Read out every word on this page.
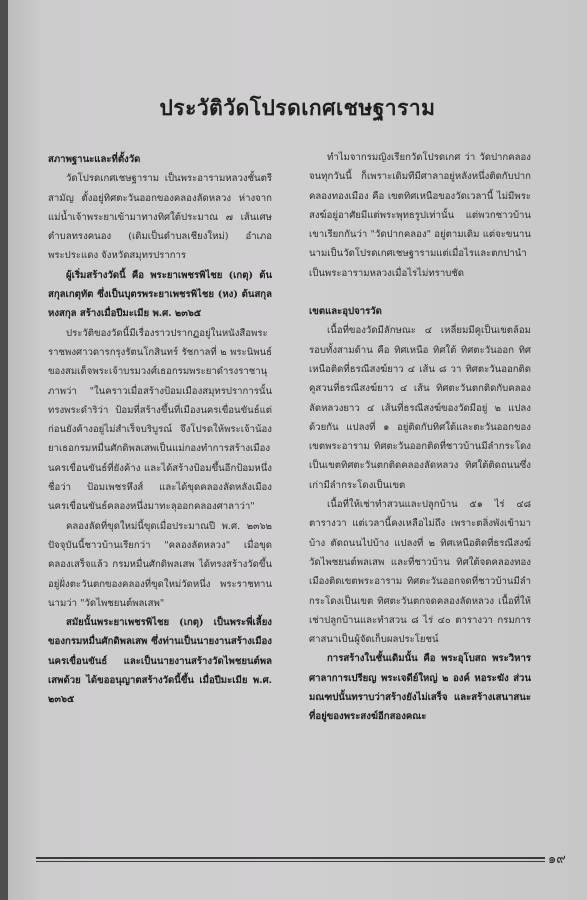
ประวัติวัดโปรดเกศเชษฐาราม

สภาพฐานะและที่ตั้งวัด

วัดโปรดเกศเชษฐาราม เป็นพระอารามหลวงชั้นตรีสามัญ ตั้งอยู่ทิศตะวันออกของคลองลัดหลวง ห่างจากแม่น้ำเจ้าพระยาเข้ามาทางทิศใต้ประมาณ ๗ เส้นเศษ ตำบลทรงคนอง (เดิมเป็นตำบลเชียงใหม่) อำเภอพระประแดง จังหวัดสมุทรปราการ

ผู้เริ่มสร้างวัดนี้ คือ พระยาเพชรพิไชย (เกตุ) ต้นสกุลเกตุทัต ซึ่งเป็นบุตรพระยาเพชรพิไชย (หง) ต้นสกุล หงสกุล สร้างเมื่อปีมะเมีย พ.ศ. ๒๓๖๕

ประวัติของวัดนี้มีเรื่องราวปรากฏอยู่ในหนังสือพระราชพงศาวดารกรุงรัตนโกสินทร์ รัชกาลที่ ๒ พระนิพนธ์ของสมเด็จพระเจ้าบรมวงศ์เธอกรมพระยาดำรงราชานุภาพว่า "ในคราวเมื่อสร้างป้อมเมืองสมุทรปราการนั้น ทรงพระดำริว่า ป้อมที่สร้างขึ้นที่เมืองนครเขื่อนขันธ์แต่ก่อนยังค้างอยู่ไม่สำเร็จบริบูรณ์ จึงโปรดให้พระเจ้าน้องยาเธอกรมหมื่นศักดิพลเสพเป็นแม่กองทำการสร้างเมืองนครเขื่อนขันธ์ที่ยังค้าง และได้สร้างป้อมขึ้นอีกป้อมหนึ่งชื่อว่า ป้อมเพชรหึงส์ และได้ขุดคลองลัดหลังเมืองนครเขื่อนขันธ์คลองหนึ่งมาทะลุออกคลองศาลาว่า"

คลองลัดที่ขุดใหม่นี้ขุดเมื่อประมาณปี พ.ศ. ๒๓๖๒ ปัจจุบันนี้ชาวบ้านเรียกว่า "คลองลัดหลวง" เมื่อขุดคลองเสร็จแล้ว กรมหมื่นศักดิพลเสพ ได้ทรงสร้างวัดขึ้นอยู่ฝั่งตะวันตกของคลองที่ขุดใหม่วัดหนึ่ง พระราชทานนามว่า "วัดไพชยนต์พลเสพ"

สมัยนั้นพระยาเพชรพิไชย (เกตุ) เป็นพระพี่เลี้ยงของกรมหมื่นศักดิพลเสพ ซึ่งท่านเป็นนายงานสร้างเมืองนครเขื่อนขันธ์ และเป็นนายงานสร้างวัดไพชยนต์พลเสพด้วย ได้ขออนุญาตสร้างวัดนี้ขึ้น เมื่อปีมะเมีย พ.ศ. ๒๓๖๕

ทำไมจากรมญิงเรียกวัดโปรดเกศ ว่า วัดปากคลองจนทุกวันนี้ ก็เพราะเดิมทีมีศาลาอยู่หลังหนึ่งติดกับปากคลองทองเมือง คือ เขตทิศเหนือของวัดเวลานี้ ไม่มีพระสงฆ์อยู่อาศัยมีแต่พระพุทธรูปเท่านั้น แต่พวกชาวบ้านเขาเรียกกันว่า "วัดปากคลอง" อยู่ตามเดิม แต่จะขนานนามเป็นวัดโปรดเกศเชษฐารามแต่เมื่อไรและตกปานำเป็นพระอารามหลวงเมื่อไรไม่ทราบชัด

เขตและอุปจารวัด

เนื้อที่ของวัดมีลักษณะ ๔ เหลี่ยมมีคูเป็นเขตล้อมรอบทั้งสามด้าน คือ ทิศเหนือ ทิศใต้ ทิศตะวันออก ทิศเหนือติดที่ธรณีสงฆ์ยาว ๔ เส้น ๘ วา ทิศตะวันออกติดคูสวนที่ธรณีสงฆ์ยาว ๔ เส้น ทิศตะวันตกติดกับคลองลัดหลวงยาว ๔ เส้นที่ธรณีสงฆ์ของวัดมีอยู่ ๒ แปลงด้วยกัน แปลงที่ ๑ อยู่ติดกับทิศใต้และตะวันออกของเขตพระอาราม ทิศตะวันออกติดที่ชาวบ้านมีลำกระโดงเป็นเขตทิศตะวันตกติดคลองลัดหลวง ทิศใต้ติดถนนซึ่งเก่ามีลำกระโดงเป็นเขต

เนื้อที่ให้เช่าทำสวนและปลูกบ้าน ๕๑ ไร่ ๔๘ ตารางวา แต่เวลานี้คงเหลือไม่ถึง เพราะตลิ่งพังเข้ามาบ้าง ตัดถนนไปบ้าง แปลงที่ ๒ ทิศเหนือติดที่ธรณีสงฆ์วัดไพชยนต์พลเสพ และที่ชาวบ้าน ทิศใต้จดคลองทองเมืองติดเขตพระอาราม ทิศตะวันออกจดที่ชาวบ้านมีลำกระโดงเป็นเขต ทิศตะวันตกจดคลองลัดหลวง เนื้อที่ให้เช่าปลูกบ้านและทำสวน ๘ ไร่ ๔๐ ตารางวา กรมการศาสนาเป็นผู้จัดเก็บผลประโยชน์

การสร้างในชั้นเดิมนั้น คือ พระอุโบสถ พระวิหาร ศาลาการเปรียญ พระเจดีย์ใหญ่ ๒ องค์ หอระฆัง ส่วนมณฑปนั้นทราบว่าสร้างยังไม่เสร็จ และสร้างเสนาสนะที่อยู่ของพระสงฆ์อีกสองคณะ

๑๙
